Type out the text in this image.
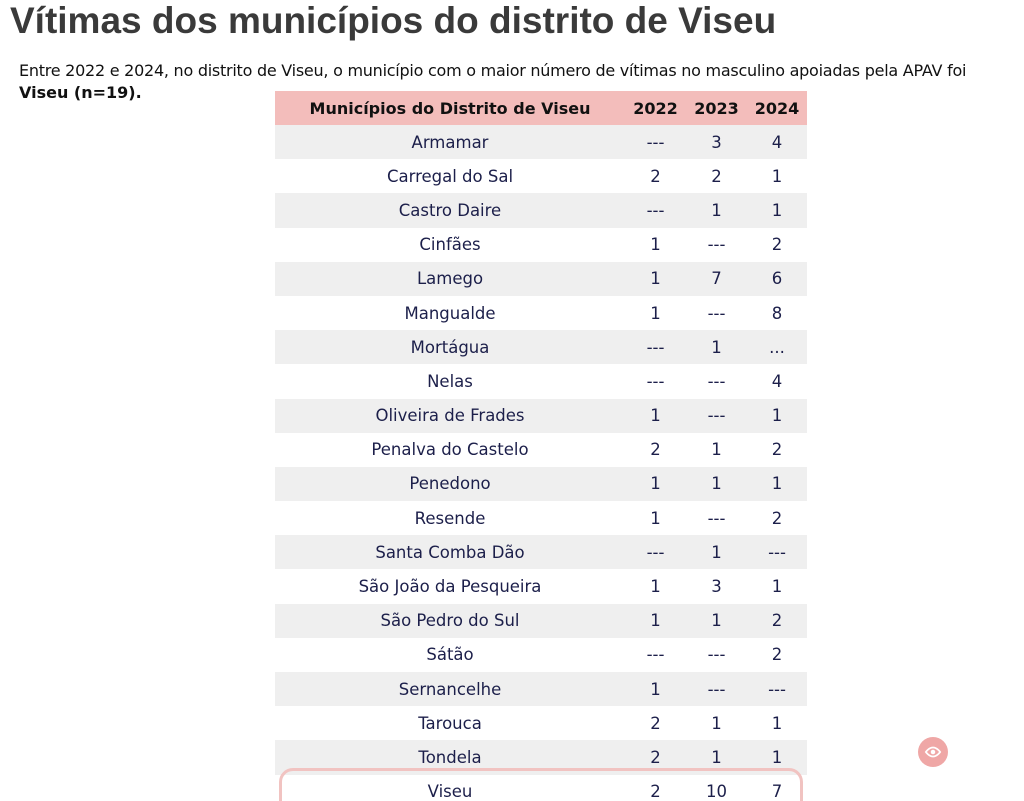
Vítimas dos municípios do distrito de Viseu
Entre 2022 e 2024, no distrito de Viseu, o município com o maior número de vítimas no masculino apoiadas pela APAV foi
Viseu (n=19).
Municípios do Distrito de Viseu	2022	2023	2024
Armamar	---	3	4
Carregal do Sal	2	2	1
Castro Daire	---	1	1
Cinfães	1	---	2
Lamego	1	7	6
Mangualde	1	---	8
Mortágua	---	1	...
Nelas	---	---	4
Oliveira de Frades	1	---	1
Penalva do Castelo	2	1	2
Penedono	1	1	1
Resende	1	---	2
Santa Comba Dão	---	1	---
São João da Pesqueira	1	3	1
São Pedro do Sul	1	1	2
Sátão	---	---	2
Sernancelhe	1	---	---
Tarouca	2	1	1
Tondela	2	1	1
Viseu	2	10	7
